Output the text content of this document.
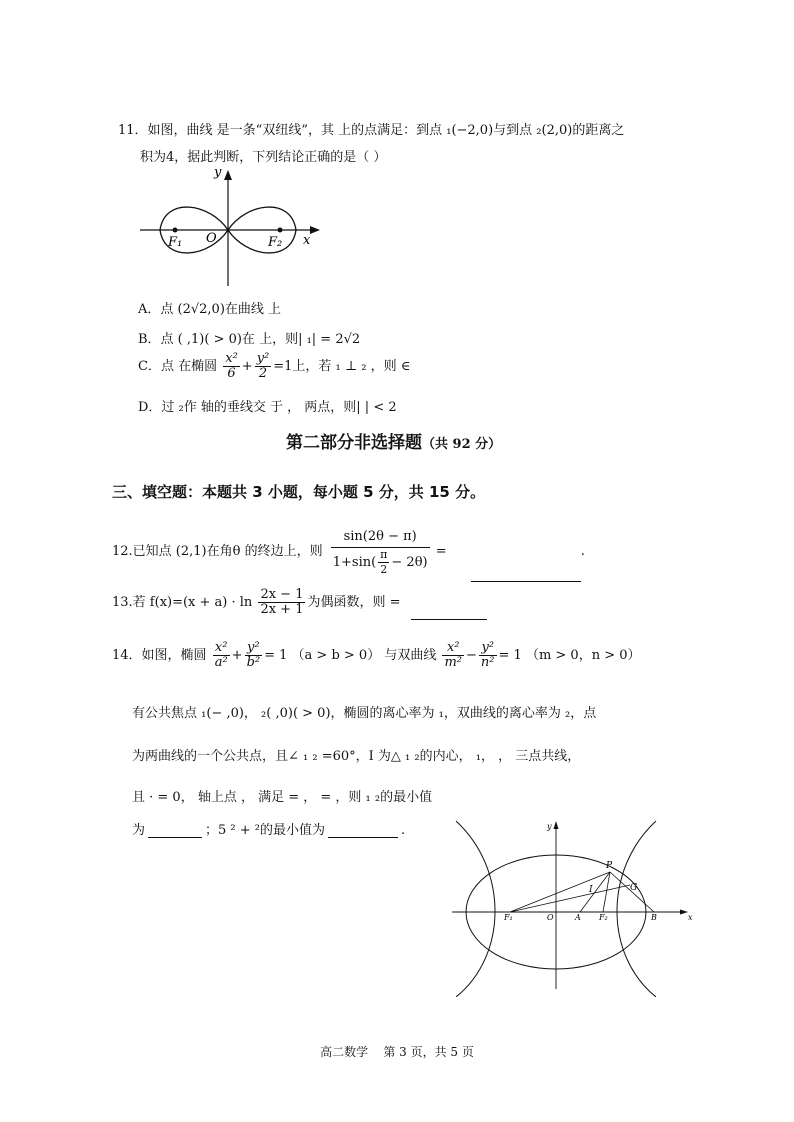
11．如图，曲线 是一条“双纽线”，其 上的点满足：到点 ₁(−2,0)与到点 ₂(2,0)的距离之
积为4，据此判断，下列结论正确的是（ ）
y
x
O
F₁	F₂
A．点 (2√2,0)在曲线 上
B．点 ( ,1)( > 0)在 上，则| ₁| = 2√2
C．点 在椭圆 $\frac{\text{x²}}{6} + \frac{\text{y²}}{2} =1$上，若 ₁ ⊥ ₂ ，则 ∈
D．过 ₂作 轴的垂线交 于 ， 两点，则| | < 2
第二部分非选择题（共 92 分）
三、填空题：本题共 3 小题，每小题 5 分，共 15 分。
12.已知点 (2,1)在角θ 的终边上，则 $\frac{\sin(2\theta - \pi)}{1+\sin( \frac{\pi}{2} - 2\theta)}$ =	.
13.若 $f(x)=(x + a) \cdot \ln \frac{2x - 1}{2x + 1}$ 为偶函数，则 =
14．如图，椭圆 $\frac{\text{x²}}{\text{a²}} + \frac{\text{y²}}{\text{b²}} = 1$ （a > b > 0） 与双曲线 $\frac{\text{x²}}{\text{m²}} - \frac{\text{y²}}{\text{n²}} = 1$ （m > 0，n > 0）
有公共焦点 ₁(− ,0)， ₂( ,0)( > 0)，椭圆的离心率为 ₁，双曲线的离心率为 ₂，点
为两曲线的一个公共点，且∠ ₁ ₂ =60°，I 为△ ₁ ₂的内心， ₁， ， 三点共线，
且 · = 0， 轴上点 ， 满足 = ， = ，则 ₁ ₂的最小值
为	；5 ² + ²的最小值为	.
P
I	G
F₁	O	A F₂	B	x
y
高二数学    第 3 页，共 5 页
